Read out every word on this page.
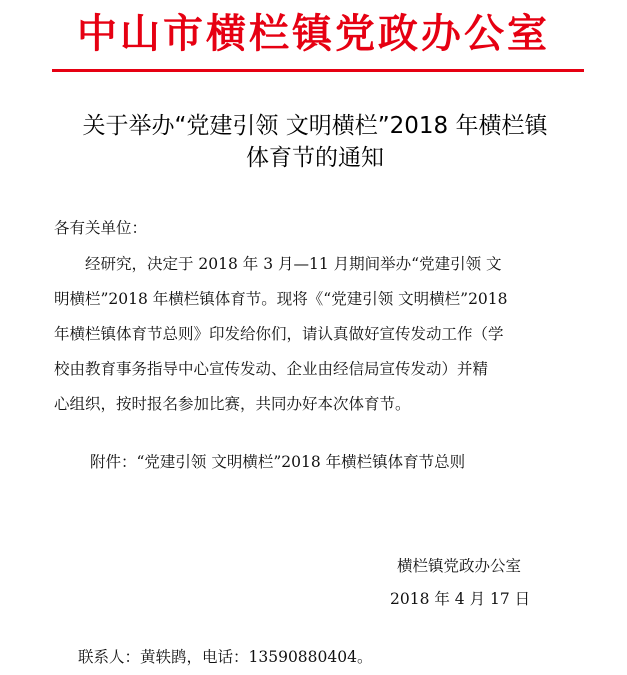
中山市横栏镇党政办公室
关于举办“党建引领 文明横栏”2018 年横栏镇
体育节的通知
各有关单位：
经研究，决定于 2018 年 3 月—11 月期间举办“党建引领 文
明横栏”2018 年横栏镇体育节。现将《“党建引领 文明横栏”2018
年横栏镇体育节总则》印发给你们，请认真做好宣传发动工作（学
校由教育事务指导中心宣传发动、企业由经信局宣传发动）并精
心组织，按时报名参加比赛，共同办好本次体育节。
附件：“党建引领 文明横栏”2018 年横栏镇体育节总则
横栏镇党政办公室
2018 年 4 月 17 日
联系人：黄轶鹍，电话：13590880404。
